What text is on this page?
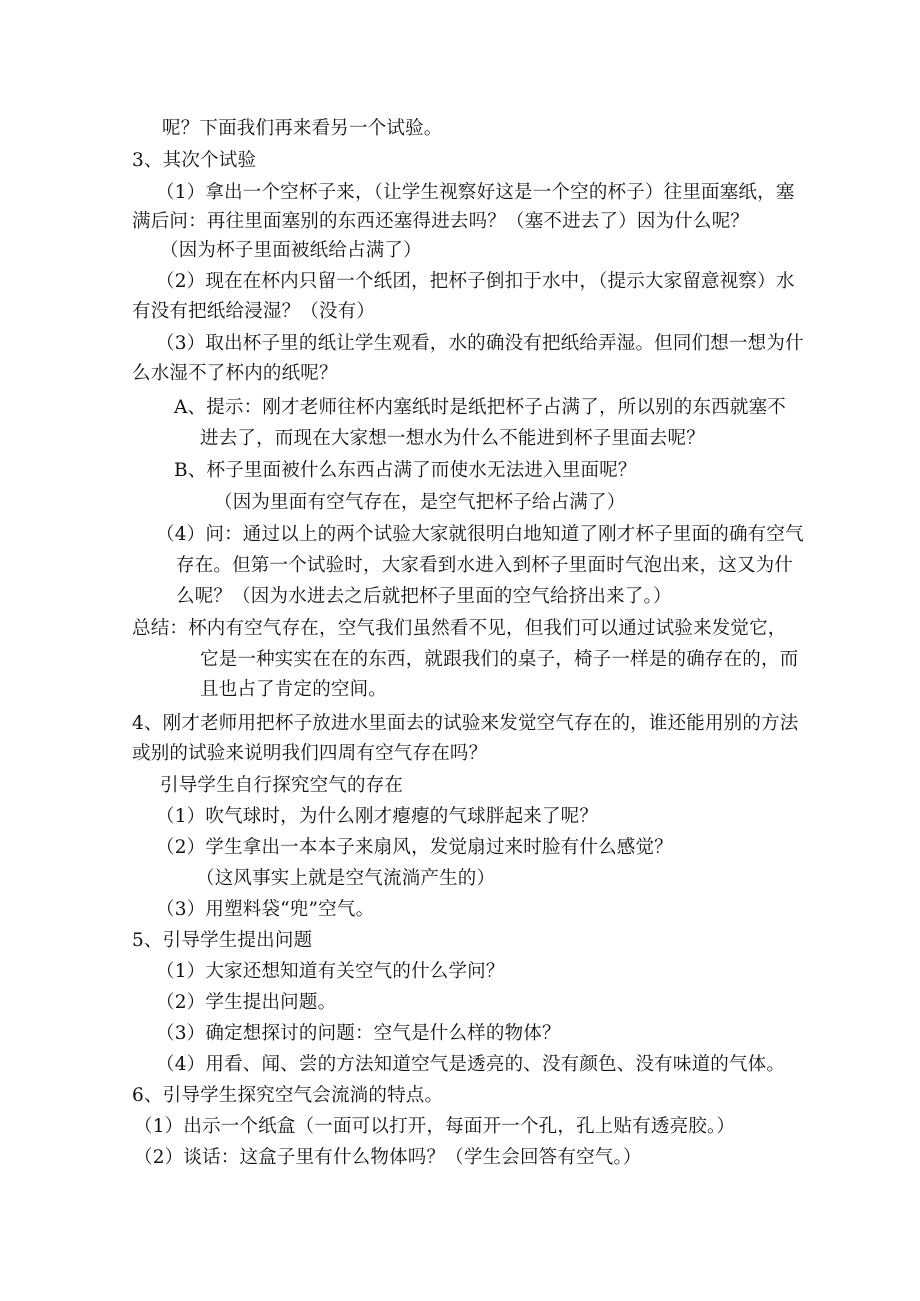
呢？下面我们再来看另一个试验。
3、其次个试验
（1）拿出一个空杯子来，（让学生视察好这是一个空的杯子）往里面塞纸，塞
满后问：再往里面塞别的东西还塞得进去吗？（塞不进去了）因为什么呢？
（因为杯子里面被纸给占满了）
（2）现在在杯内只留一个纸团，把杯子倒扣于水中，（提示大家留意视察）水
有没有把纸给浸湿？（没有）
（3）取出杯子里的纸让学生观看，水的确没有把纸给弄湿。但同们想一想为什
么水湿不了杯内的纸呢？
A、提示：刚才老师往杯内塞纸时是纸把杯子占满了，所以别的东西就塞不
进去了，而现在大家想一想水为什么不能进到杯子里面去呢？
B、杯子里面被什么东西占满了而使水无法进入里面呢？
（因为里面有空气存在，是空气把杯子给占满了）
（4）问：通过以上的两个试验大家就很明白地知道了刚才杯子里面的确有空气
存在。但第一个试验时，大家看到水进入到杯子里面时气泡出来，这又为什
么呢？（因为水进去之后就把杯子里面的空气给挤出来了。）
总结：杯内有空气存在，空气我们虽然看不见，但我们可以通过试验来发觉它，
它是一种实实在在的东西，就跟我们的桌子，椅子一样是的确存在的，而
且也占了肯定的空间。
4、刚才老师用把杯子放进水里面去的试验来发觉空气存在的，谁还能用别的方法
或别的试验来说明我们四周有空气存在吗？
引导学生自行探究空气的存在
（1）吹气球时，为什么刚才瘪瘪的气球胖起来了呢？
（2）学生拿出一本本子来扇风，发觉扇过来时脸有什么感觉？
（这风事实上就是空气流淌产生的）
（3）用塑料袋“兜”空气。
5、引导学生提出问题
（1）大家还想知道有关空气的什么学问？
（2）学生提出问题。
（3）确定想探讨的问题：空气是什么样的物体？
（4）用看、闻、尝的方法知道空气是透亮的、没有颜色、没有味道的气体。
6、引导学生探究空气会流淌的特点。
（1）出示一个纸盒（一面可以打开，每面开一个孔，孔上贴有透亮胶。）
（2）谈话：这盒子里有什么物体吗？（学生会回答有空气。）
